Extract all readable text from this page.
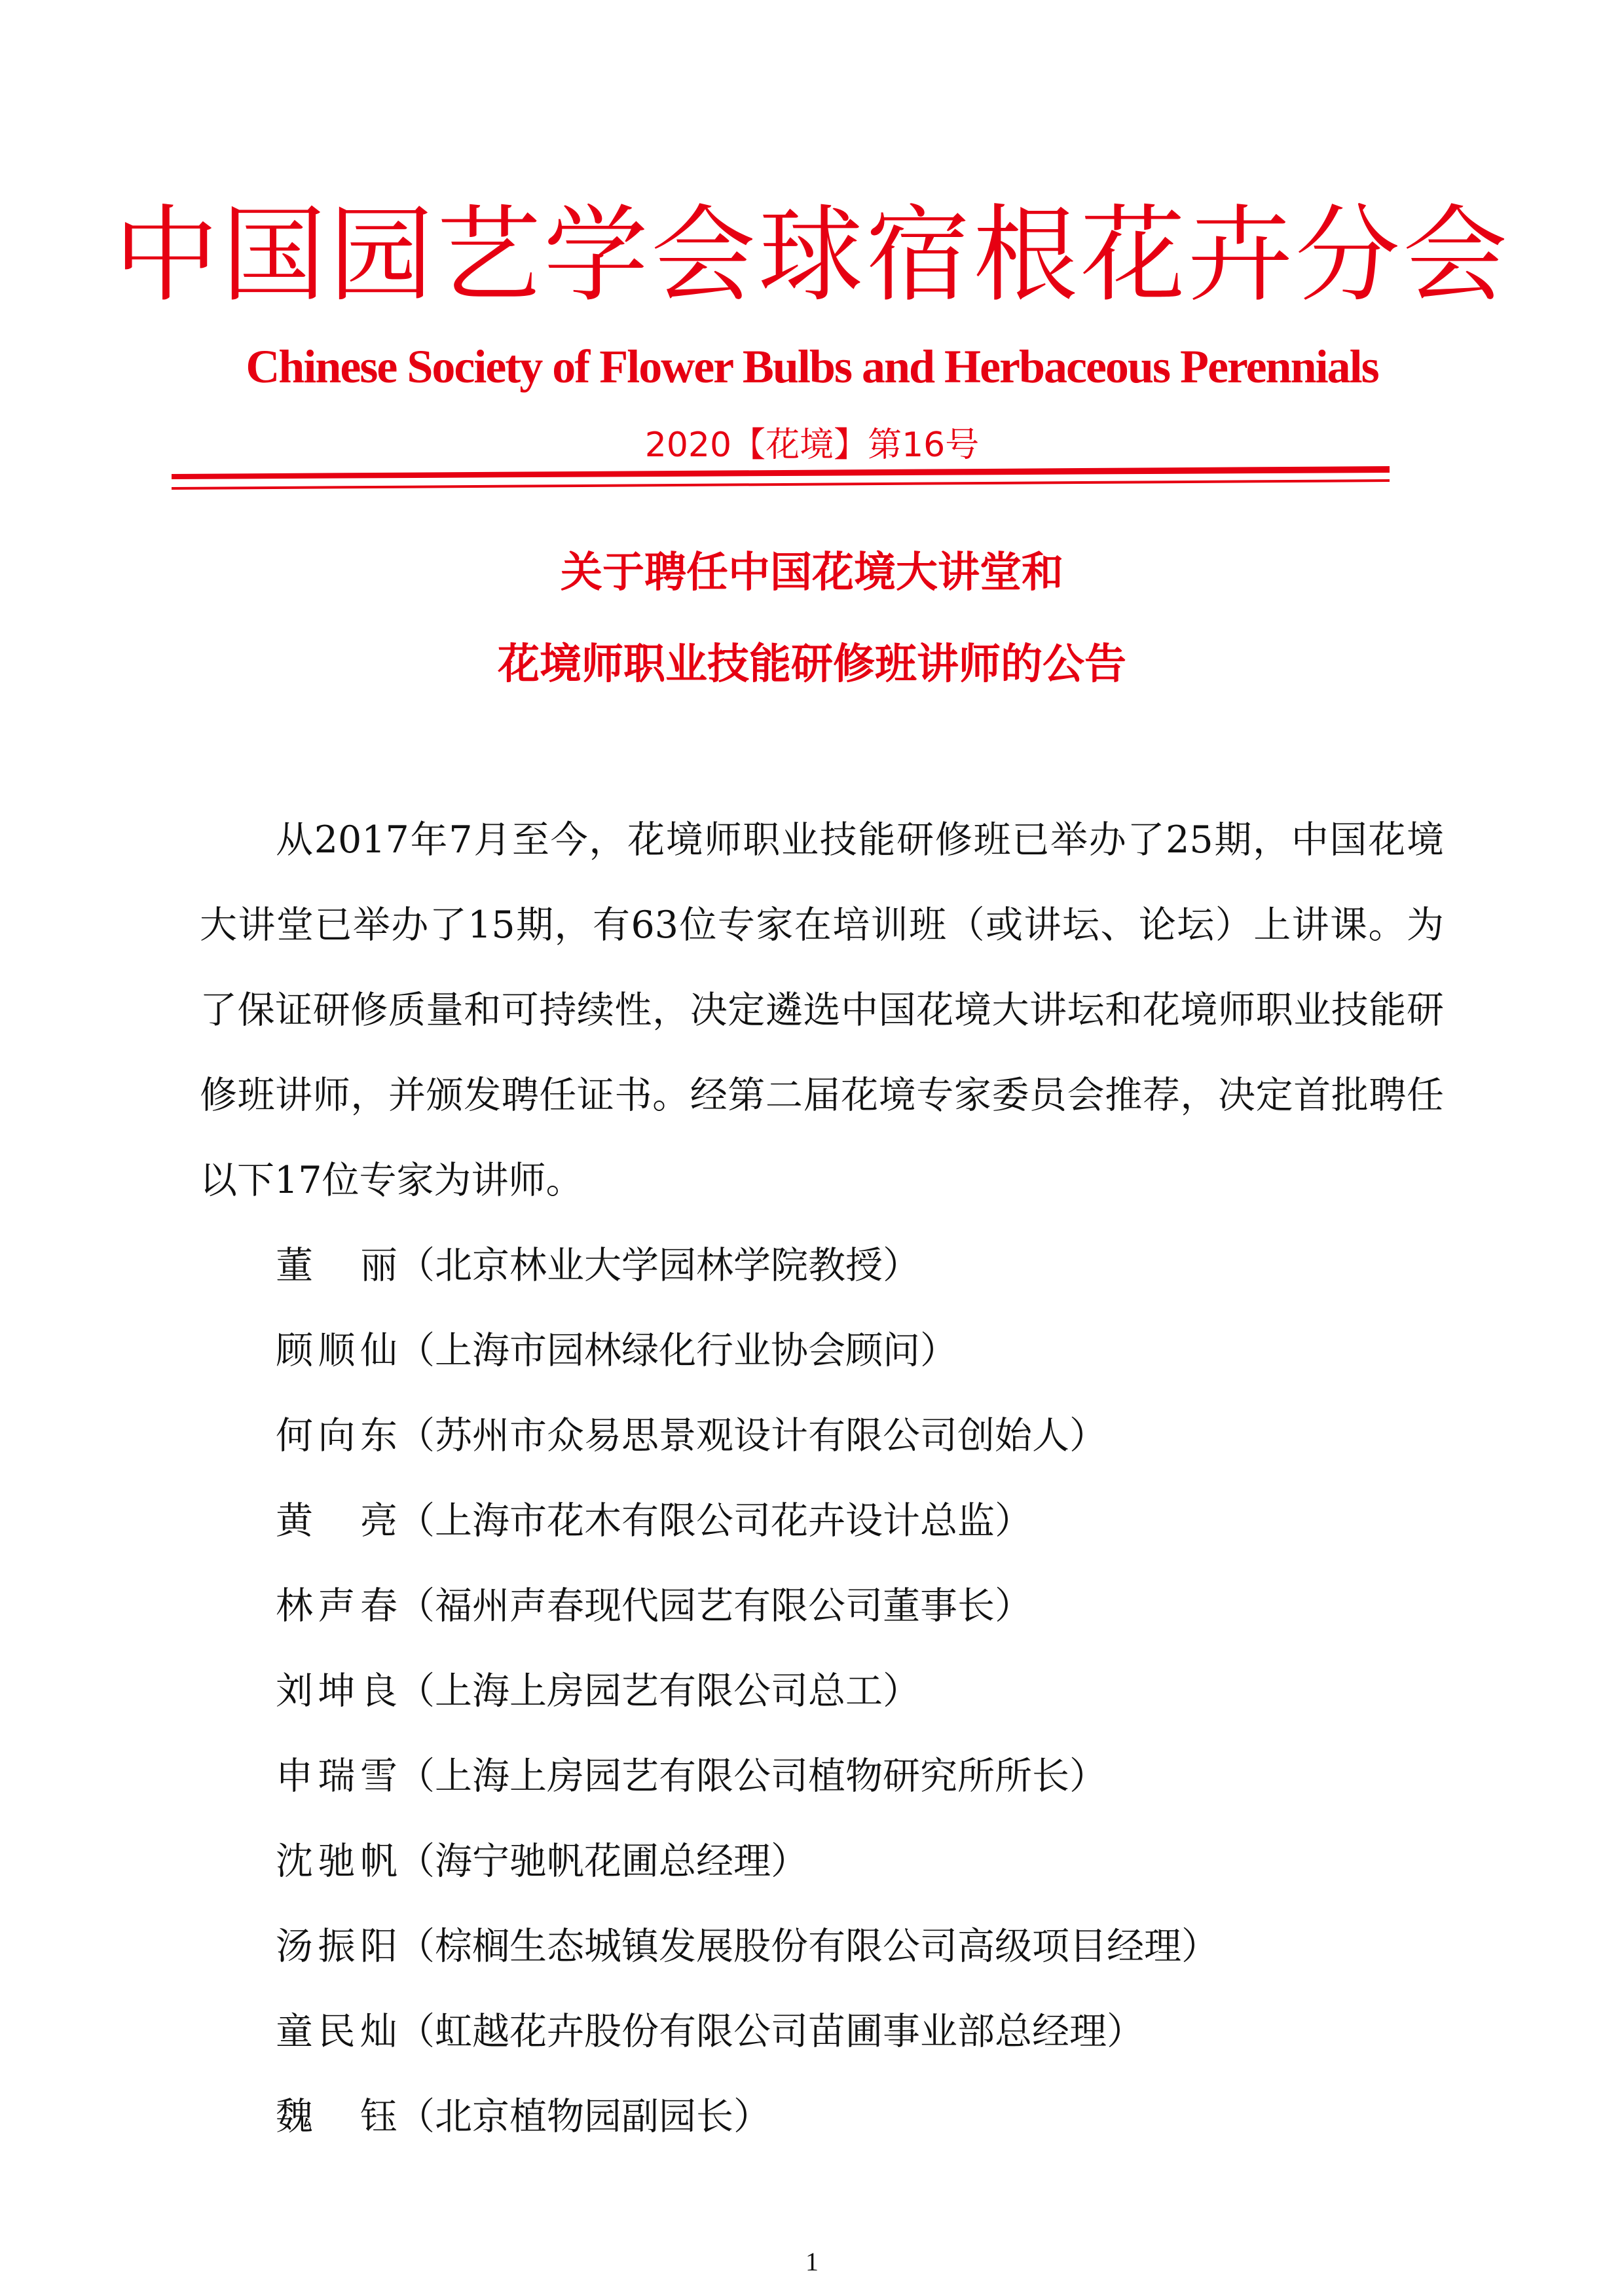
中国园艺学会球宿根花卉分会
Chinese Society of Flower Bulbs and Herbaceous Perennials
2020【花境】第16号
关于聘任中国花境大讲堂和
花境师职业技能研修班讲师的公告

从2017年7月至今，花境师职业技能研修班已举办了25期，中国花境大讲堂已举办了15期，有63位专家在培训班（或讲坛、论坛）上讲课。为了保证研修质量和可持续性，决定遴选中国花境大讲坛和花境师职业技能研修班讲师，并颁发聘任证书。经第二届花境专家委员会推荐，决定首批聘任以下17位专家为讲师。

董丽（北京林业大学园林学院教授）
顾顺仙（上海市园林绿化行业协会顾问）
何向东（苏州市众易思景观设计有限公司创始人）
黄亮（上海市花木有限公司花卉设计总监）
林声春（福州声春现代园艺有限公司董事长）
刘坤良（上海上房园艺有限公司总工）
申瑞雪（上海上房园艺有限公司植物研究所所长）
沈驰帆（海宁驰帆花圃总经理）
汤振阳（棕榈生态城镇发展股份有限公司高级项目经理）
童民灿（虹越花卉股份有限公司苗圃事业部总经理）
魏钰（北京植物园副园长）
1
